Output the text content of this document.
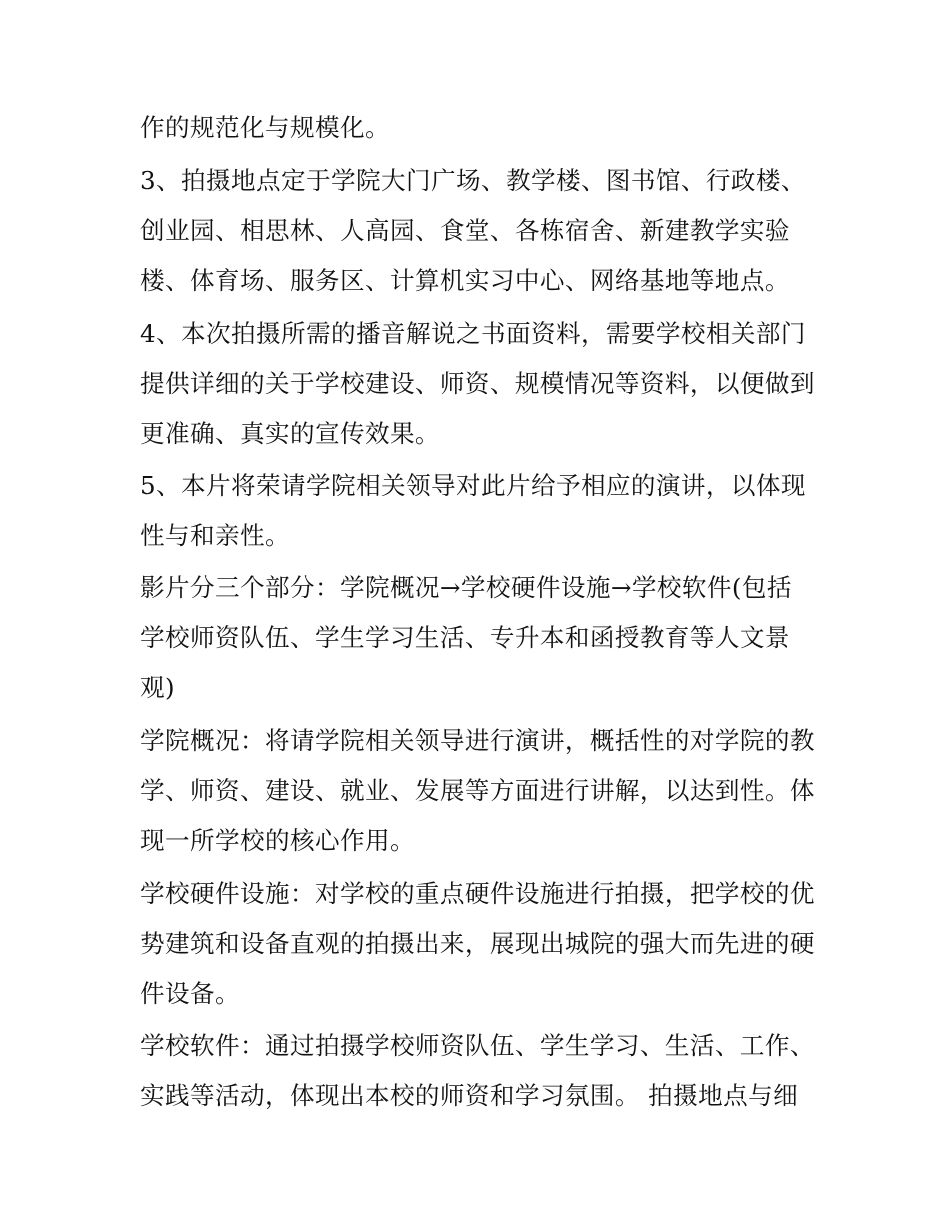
作的规范化与规模化。
3、拍摄地点定于学院大门广场、教学楼、图书馆、行政楼、
创业园、相思林、人高园、食堂、各栋宿舍、新建教学实验
楼、体育场、服务区、计算机实习中心、网络基地等地点。
4、本次拍摄所需的播音解说之书面资料，需要学校相关部门
提供详细的关于学校建设、师资、规模情况等资料，以便做到
更准确、真实的宣传效果。
5、本片将荣请学院相关领导对此片给予相应的演讲，以体现
性与和亲性。
影片分三个部分：学院概况→学校硬件设施→学校软件(包括
学校师资队伍、学生学习生活、专升本和函授教育等人文景
观)
学院概况：将请学院相关领导进行演讲，概括性的对学院的教
学、师资、建设、就业、发展等方面进行讲解，以达到性。体
现一所学校的核心作用。
学校硬件设施：对学校的重点硬件设施进行拍摄，把学校的优
势建筑和设备直观的拍摄出来，展现出城院的强大而先进的硬
件设备。
学校软件：通过拍摄学校师资队伍、学生学习、生活、工作、
实践等活动，体现出本校的师资和学习氛围。 拍摄地点与细
